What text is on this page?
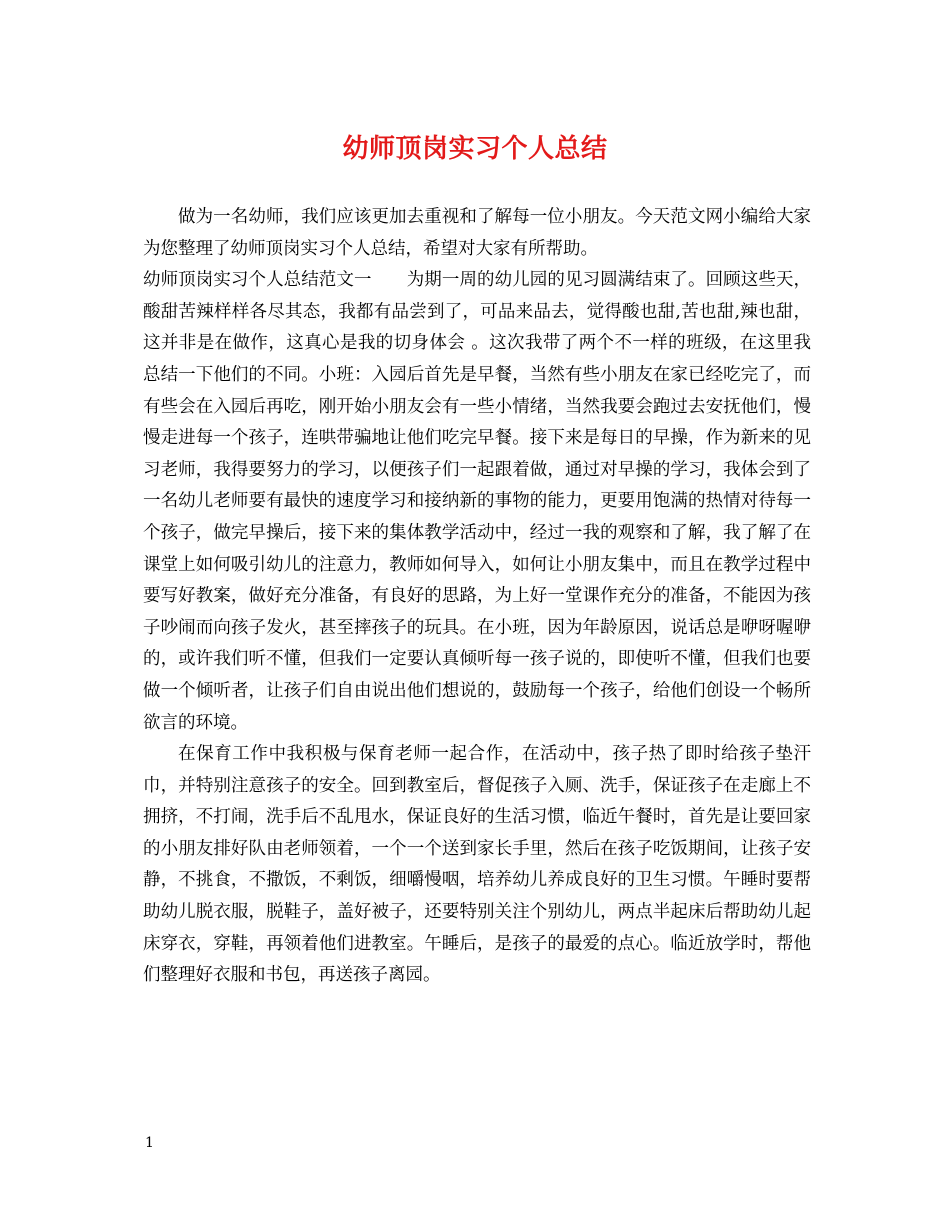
幼师顶岗实习个人总结

做为一名幼师，我们应该更加去重视和了解每一位小朋友。今天范文网小编给大家为您整理了幼师顶岗实习个人总结，希望对大家有所帮助。

幼师顶岗实习个人总结范文一　　为期一周的幼儿园的见习圆满结束了。回顾这些天，酸甜苦辣样样各尽其态，我都有品尝到了，可品来品去，觉得酸也甜,苦也甜,辣也甜，这并非是在做作，这真心是我的切身体会 。这次我带了两个不一样的班级，在这里我总结一下他们的不同。小班：入园后首先是早餐，当然有些小朋友在家已经吃完了，而有些会在入园后再吃，刚开始小朋友会有一些小情绪，当然我要会跑过去安抚他们，慢慢走进每一个孩子，连哄带骗地让他们吃完早餐。接下来是每日的早操，作为新来的见习老师，我得要努力的学习，以便孩子们一起跟着做，通过对早操的学习，我体会到了一名幼儿老师要有最快的速度学习和接纳新的事物的能力，更要用饱满的热情对待每一个孩子，做完早操后，接下来的集体教学活动中，经过一我的观察和了解，我了解了在课堂上如何吸引幼儿的注意力，教师如何导入，如何让小朋友集中，而且在教学过程中要写好教案，做好充分准备，有良好的思路，为上好一堂课作充分的准备，不能因为孩子吵闹而向孩子发火，甚至摔孩子的玩具。在小班，因为年龄原因，说话总是咿呀喔咿的，或许我们听不懂，但我们一定要认真倾听每一孩子说的，即使听不懂，但我们也要做一个倾听者，让孩子们自由说出他们想说的，鼓励每一个孩子，给他们创设一个畅所欲言的环境。

在保育工作中我积极与保育老师一起合作，在活动中，孩子热了即时给孩子垫汗巾，并特别注意孩子的安全。回到教室后，督促孩子入厕、洗手，保证孩子在走廊上不拥挤，不打闹，洗手后不乱甩水，保证良好的生活习惯，临近午餐时，首先是让要回家的小朋友排好队由老师领着，一个一个送到家长手里，然后在孩子吃饭期间，让孩子安静，不挑食，不撒饭，不剩饭，细嚼慢咽，培养幼儿养成良好的卫生习惯。午睡时要帮助幼儿脱衣服，脱鞋子，盖好被子，还要特别关注个别幼儿，两点半起床后帮助幼儿起床穿衣，穿鞋，再领着他们进教室。午睡后，是孩子的最爱的点心。临近放学时，帮他们整理好衣服和书包，再送孩子离园。

1
